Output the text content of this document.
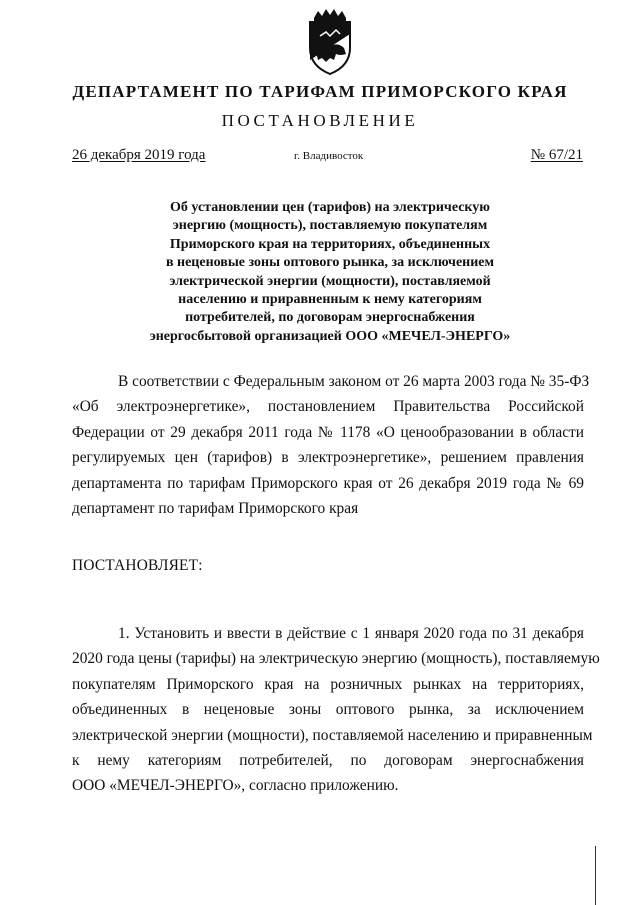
ДЕПАРТАМЕНТ ПО ТАРИФАМ ПРИМОРСКОГО КРАЯ
ПОСТАНОВЛЕНИЕ
26 декабря 2019 года	г. Владивосток	№ 67/21
Об установлении цен (тарифов) на электрическую
энергию (мощность), поставляемую покупателям
Приморского края на территориях, объединенных
в неценовые зоны оптового рынка, за исключением
электрической энергии (мощности), поставляемой
населению и приравненным к нему категориям
потребителей, по договорам энергоснабжения
энергосбытовой организацией ООО «МЕЧЕЛ-ЭНЕРГО»
В соответствии с Федеральным законом от 26 марта 2003 года № 35-ФЗ
«Об электроэнергетике», постановлением Правительства Российской
Федерации от 29 декабря 2011 года № 1178 «О ценообразовании в области
регулируемых цен (тарифов) в электроэнергетике», решением правления
департамента по тарифам Приморского края от 26 декабря 2019 года № 69
департамент по тарифам Приморского края
ПОСТАНОВЛЯЕТ:
1. Установить и ввести в действие с 1 января 2020 года по 31 декабря
2020 года цены (тарифы) на электрическую энергию (мощность), поставляемую
покупателям Приморского края на розничных рынках на территориях,
объединенных в неценовые зоны оптового рынка, за исключением
электрической энергии (мощности), поставляемой населению и приравненным
к нему категориям потребителей, по договорам энергоснабжения
ООО «МЕЧЕЛ-ЭНЕРГО», согласно приложению.
